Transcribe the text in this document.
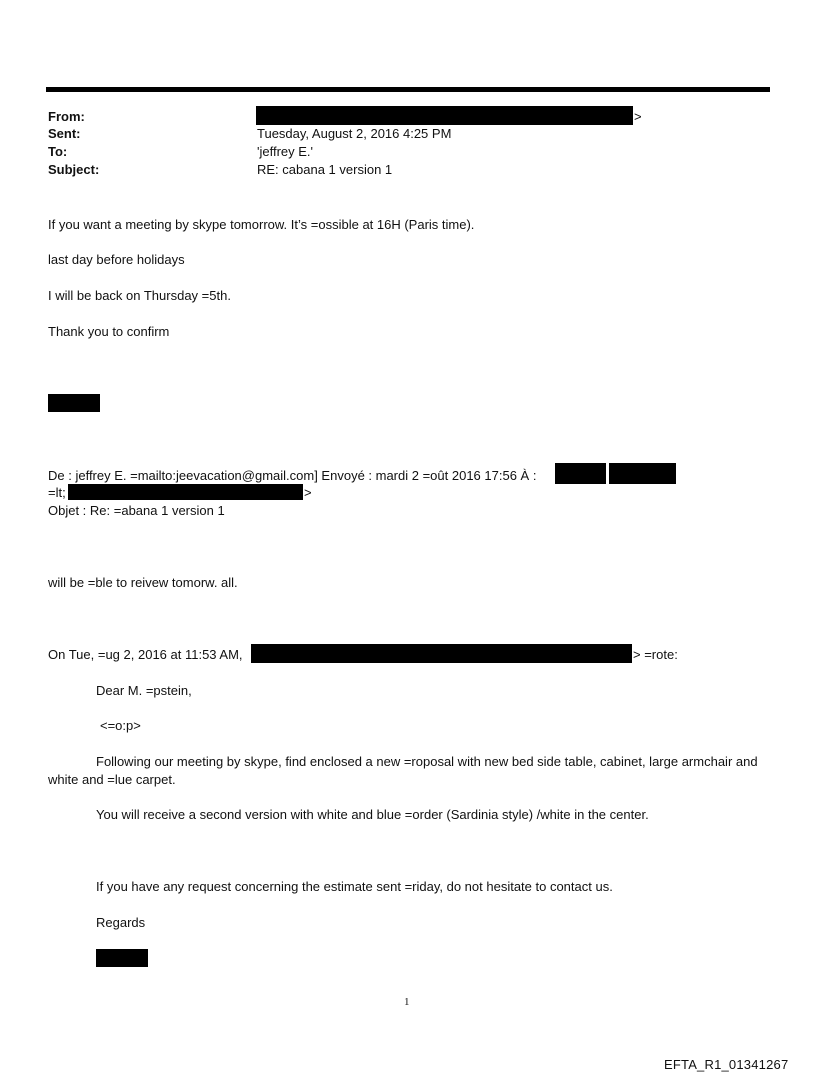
From:	>
Sent:	Tuesday, August 2, 2016 4:25 PM
To:	'jeffrey E.'
Subject:	RE: cabana 1 version 1
If you want a meeting by skype tomorrow. It’s =ossible at 16H (Paris time).
last day before holidays
I will be back on Thursday =5th.
Thank you to confirm
De : jeffrey E. =mailto:jeevacation@gmail.com] Envoyé : mardi 2 =oût 2016 17:56 À :
=lt;	>
Objet : Re: =abana 1 version 1
will be =ble to reivew tomorw. all.
On Tue, =ug 2, 2016 at 11:53 AM,	> =rote:
Dear M. =pstein,
<=o:p>
Following our meeting by skype, find enclosed a new =roposal with new bed side table, cabinet, large armchair and white and =lue carpet.
You will receive a second version with white and blue =order (Sardinia style) /white in the center.
If you have any request concerning the estimate sent =riday, do not hesitate to contact us.
Regards
1
EFTA_R1_01341267
